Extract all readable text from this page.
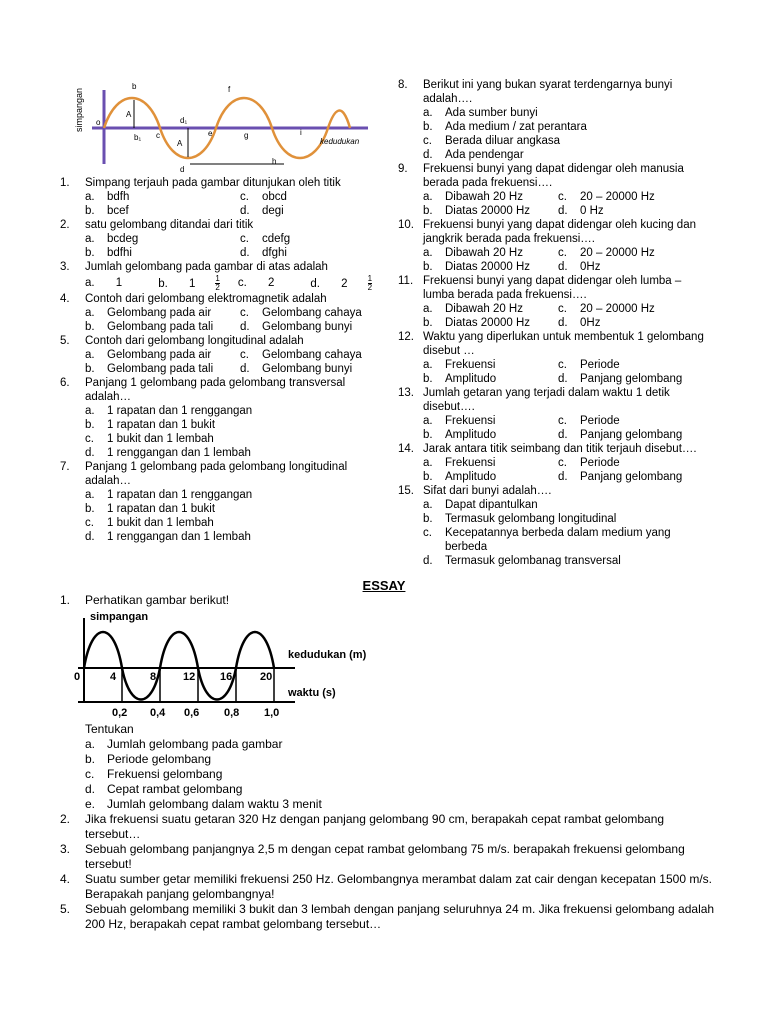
simpangan o
b	f
A
b₁ c
d₁
e	g	i
A
d
h
kedudukan
1.	Simpang terjauh pada gambar ditunjukan oleh titik
a.	bdfh	c.	obcd
b.	bcef	d.	degi
2.	satu gelombang ditandai dari titik
a.	bcdeg	c.	cdefg
b.	bdfhi	d.	dfghi
3.	Jumlah gelombang pada gambar di atas adalah
a. 1	b. 1	$\frac{1}{2} c$. 2	d. 2	$\frac{1}{2}$
4.	Contoh dari gelombang elektromagnetik adalah
a.	Gelombang pada air	c.	Gelombang cahaya
b.	Gelombang pada tali d.	Gelombang bunyi
5.	Contoh dari gelombang longitudinal adalah
a.	Gelombang pada air	c.	Gelombang cahaya
b.	Gelombang pada tali d.	Gelombang bunyi
6.	Panjang 1 gelombang pada gelombang transversal adalah…
a.	1 rapatan dan 1 renggangan
b.	1 rapatan dan 1 bukit
c.	1 bukit dan 1 lembah
d.	1 renggangan dan 1 lembah
7.	Panjang 1 gelombang pada gelombang longitudinal adalah…
a.	1 rapatan dan 1 renggangan
b.	1 rapatan dan 1 bukit
c.	1 bukit dan 1 lembah
d.	1 renggangan dan 1 lembah
8.	Berikut ini yang bukan syarat terdengarnya bunyi adalah….
a.	Ada sumber bunyi
b.	Ada medium / zat perantara
c.	Berada diluar angkasa
d.	Ada pendengar
9.	Frekuensi bunyi yang dapat didengar oleh manusia berada pada frekuensi….
a.	Dibawah 20 Hz	c.	20 – 20000 Hz
b.	Diatas 20000 Hz d.	0 Hz
10. Frekuensi bunyi yang dapat didengar oleh kucing dan jangkrik berada pada frekuensi….
a.	Dibawah 20 Hz	c.	20 – 20000 Hz
b.	Diatas 20000 Hz d.	0Hz
11. Frekuensi bunyi yang dapat didengar oleh lumba – lumba berada pada frekuensi….
a.	Dibawah 20 Hz	c.	20 – 20000 Hz
b.	Diatas 20000 Hz d.	0Hz
12. Waktu yang diperlukan untuk membentuk 1 gelombang disebut …
a.	Frekuensi	c.	Periode
b.	Amplitudo	d.	Panjang gelombang
13. Jumlah getaran yang terjadi dalam waktu 1 detik disebut….
a.	Frekuensi	c.	Periode
b.	Amplitudo	d.	Panjang gelombang
14. Jarak antara titik seimbang dan titik terjauh disebut….
a.	Frekuensi	c.	Periode
b.	Amplitudo	d.	Panjang gelombang
15. Sifat dari bunyi adalah….
a.	Dapat dipantulkan
b.	Termasuk gelombang longitudinal
c.	Kecepatannya berbeda dalam medium yang berbeda
d.	Termasuk gelombanag transversal
ESSAY
1.	Perhatikan gambar berikut!
simpangan
0	4	8 12 16	20
0,2 0,4 0,6 0,8 1,0
kedudukan (m)
waktu (s)
Tentukan
a. Jumlah gelombang pada gambar
b. Periode gelombang
c.	Frekuensi gelombang
d. Cepat rambat gelombang
e. Jumlah gelombang dalam waktu 3 menit
2.	Jika frekuensi suatu getaran 320 Hz dengan panjang gelombang 90 cm, berapakah cepat rambat gelombang tersebut…
3.	Sebuah gelombang panjangnya 2,5 m dengan cepat rambat gelombang 75 m/s. berapakah frekuensi gelombang tersebut!
4.	Suatu sumber getar memiliki frekuensi 250 Hz. Gelombangnya merambat dalam zat cair dengan kecepatan 1500 m/s. Berapakah panjang gelombangnya!
5.	Sebuah gelombang memiliki 3 bukit dan 3 lembah dengan panjang seluruhnya 24 m. Jika frekuensi gelombang adalah 200 Hz, berapakah cepat rambat gelombang tersebut…
